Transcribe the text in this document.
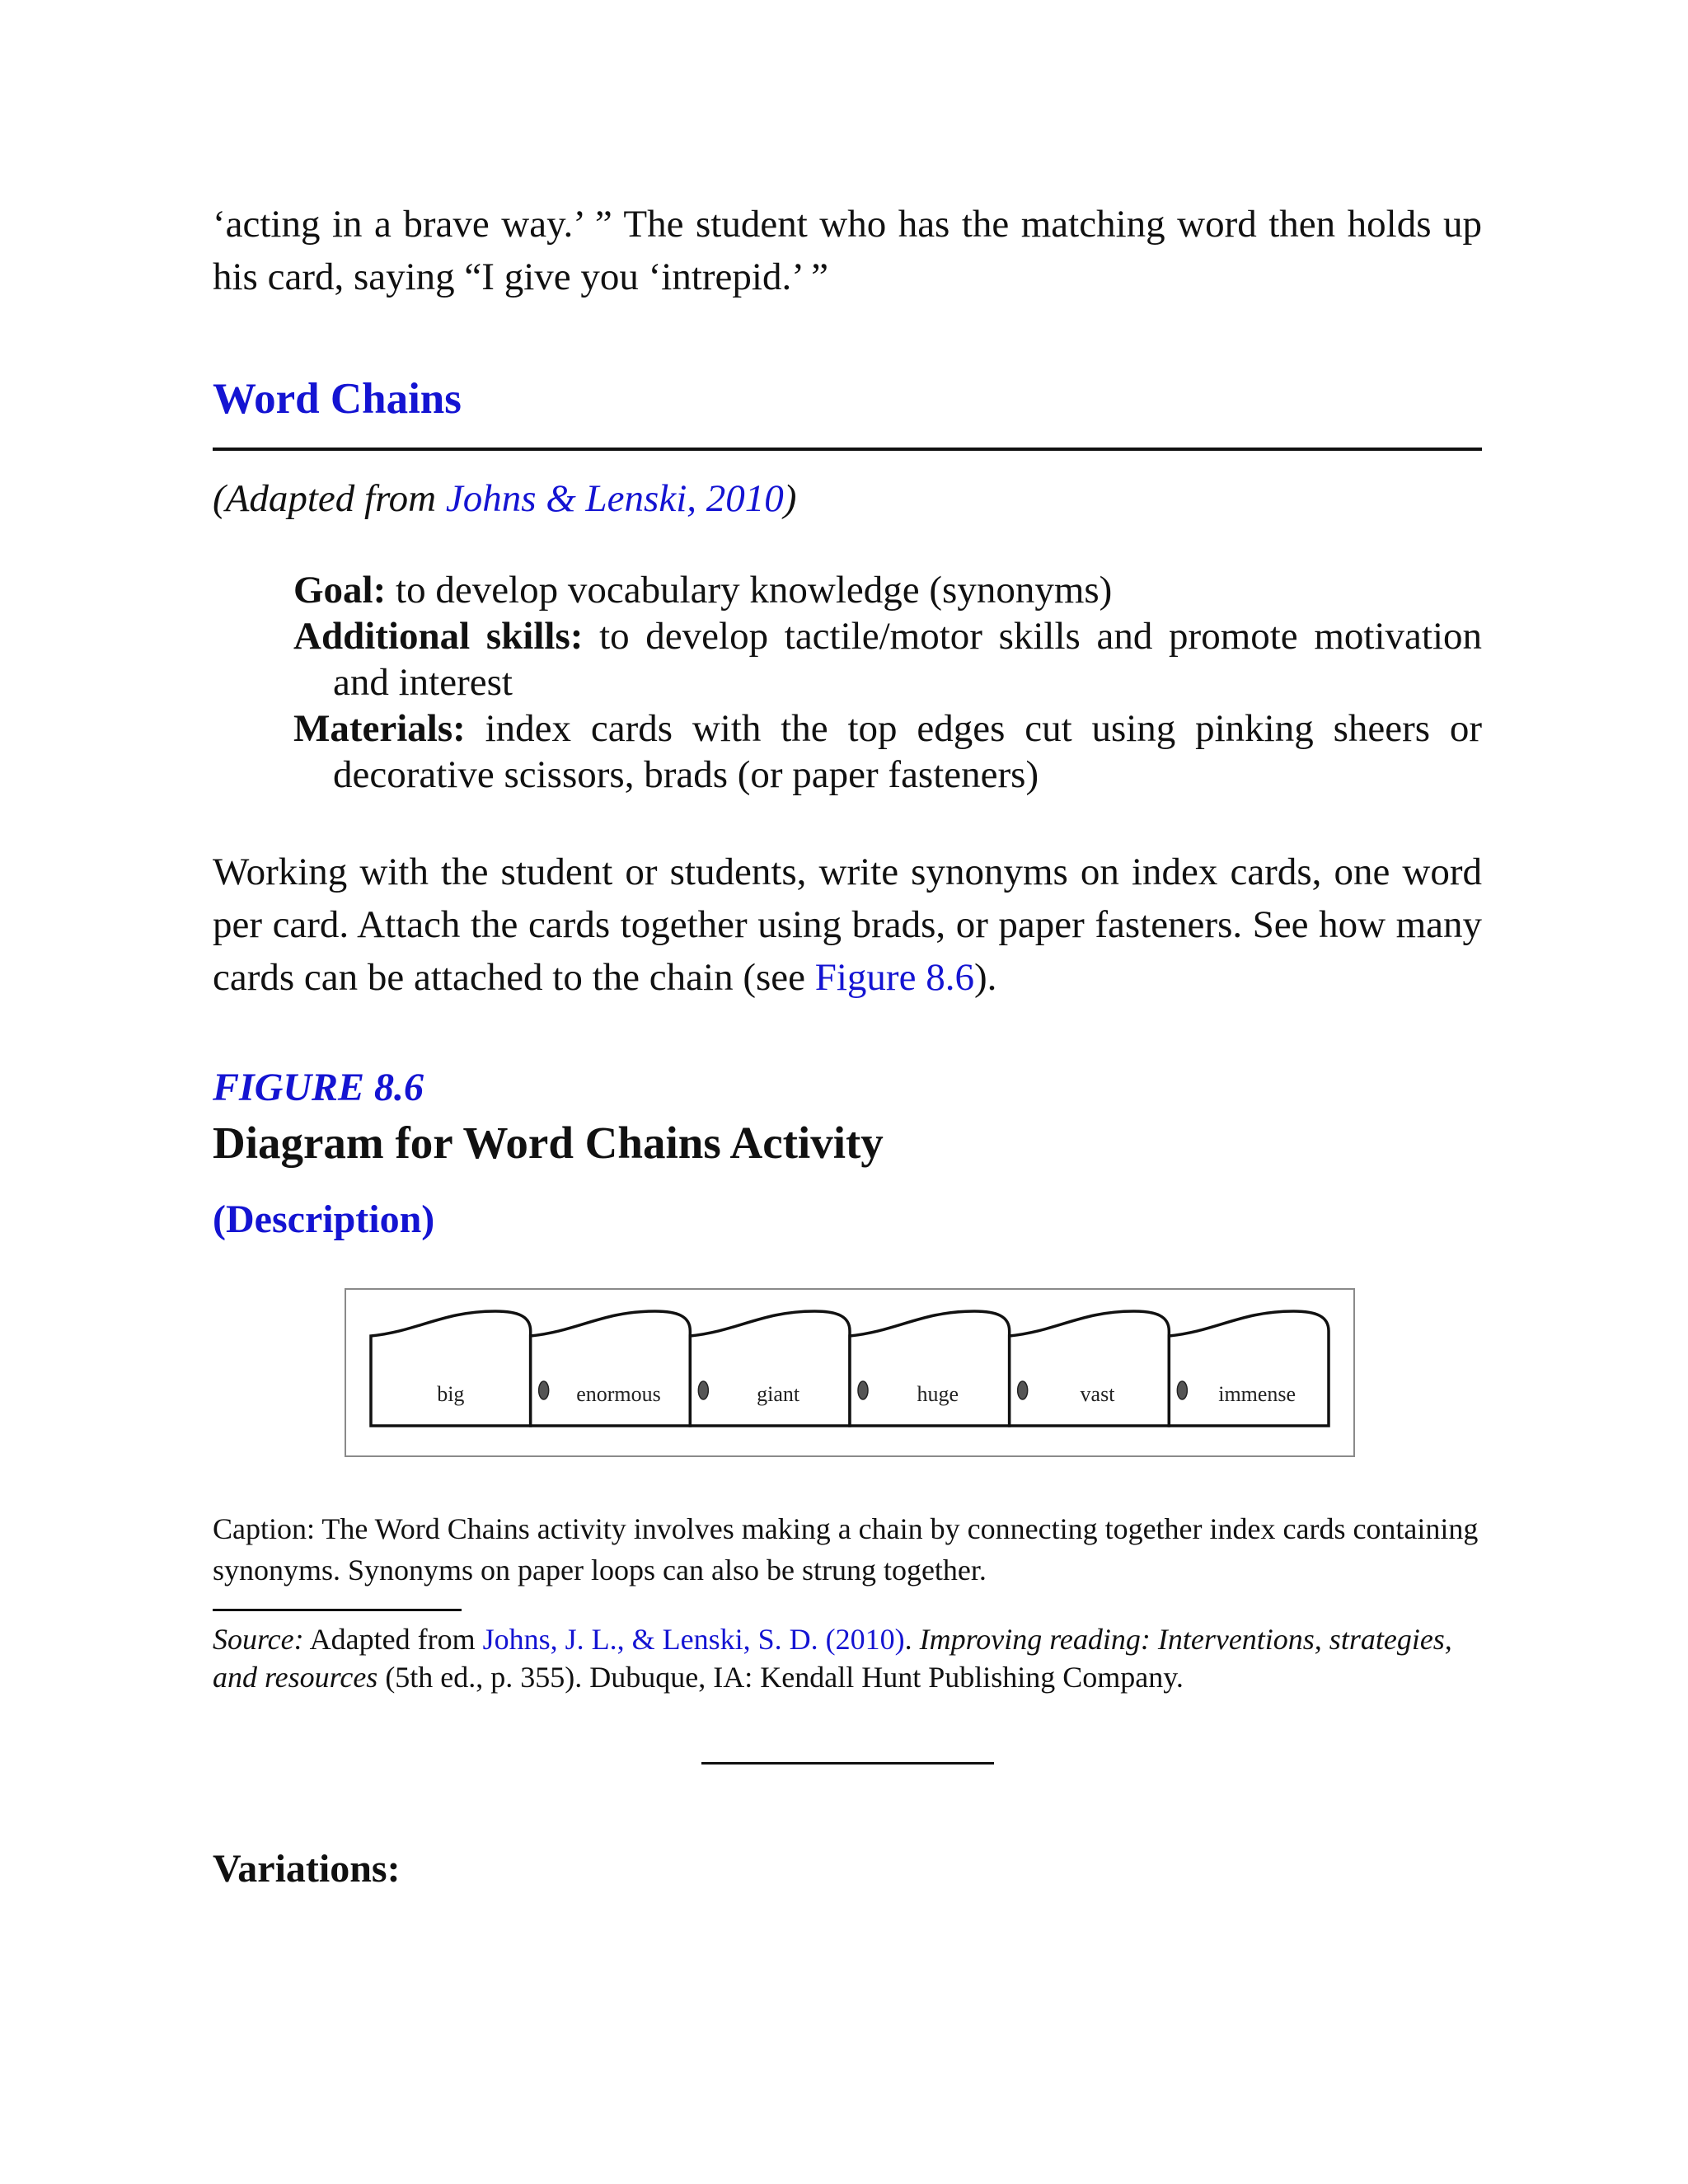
‘acting in a brave way.’ ” The student who has the matching word then holds up his card, saying “I give you ‘intrepid.’ ”

Word Chains

(Adapted from Johns & Lenski, 2010)

Goal: to develop vocabulary knowledge (synonyms)

Additional skills: to develop tactile/motor skills and promote motivation and interest

Materials: index cards with the top edges cut using pinking sheers or decorative scissors, brads (or paper fasteners)

Working with the student or students, write synonyms on index cards, one word per card. Attach the cards together using brads, or paper fasteners. See how many cards can be attached to the chain (see Figure 8.6).

FIGURE 8.6

Diagram for Word Chains Activity
(Description)
big	enormous	giant	huge	vast	immense

Caption: The Word Chains activity involves making a chain by connecting together index cards containing synonyms. Synonyms on paper loops can also be strung together.

Source: Adapted from Johns, J. L., & Lenski, S. D. (2010). Improving reading: Interventions, strategies, and resources (5th ed., p. 355). Dubuque, IA: Kendall Hunt Publishing Company.

Variations:
